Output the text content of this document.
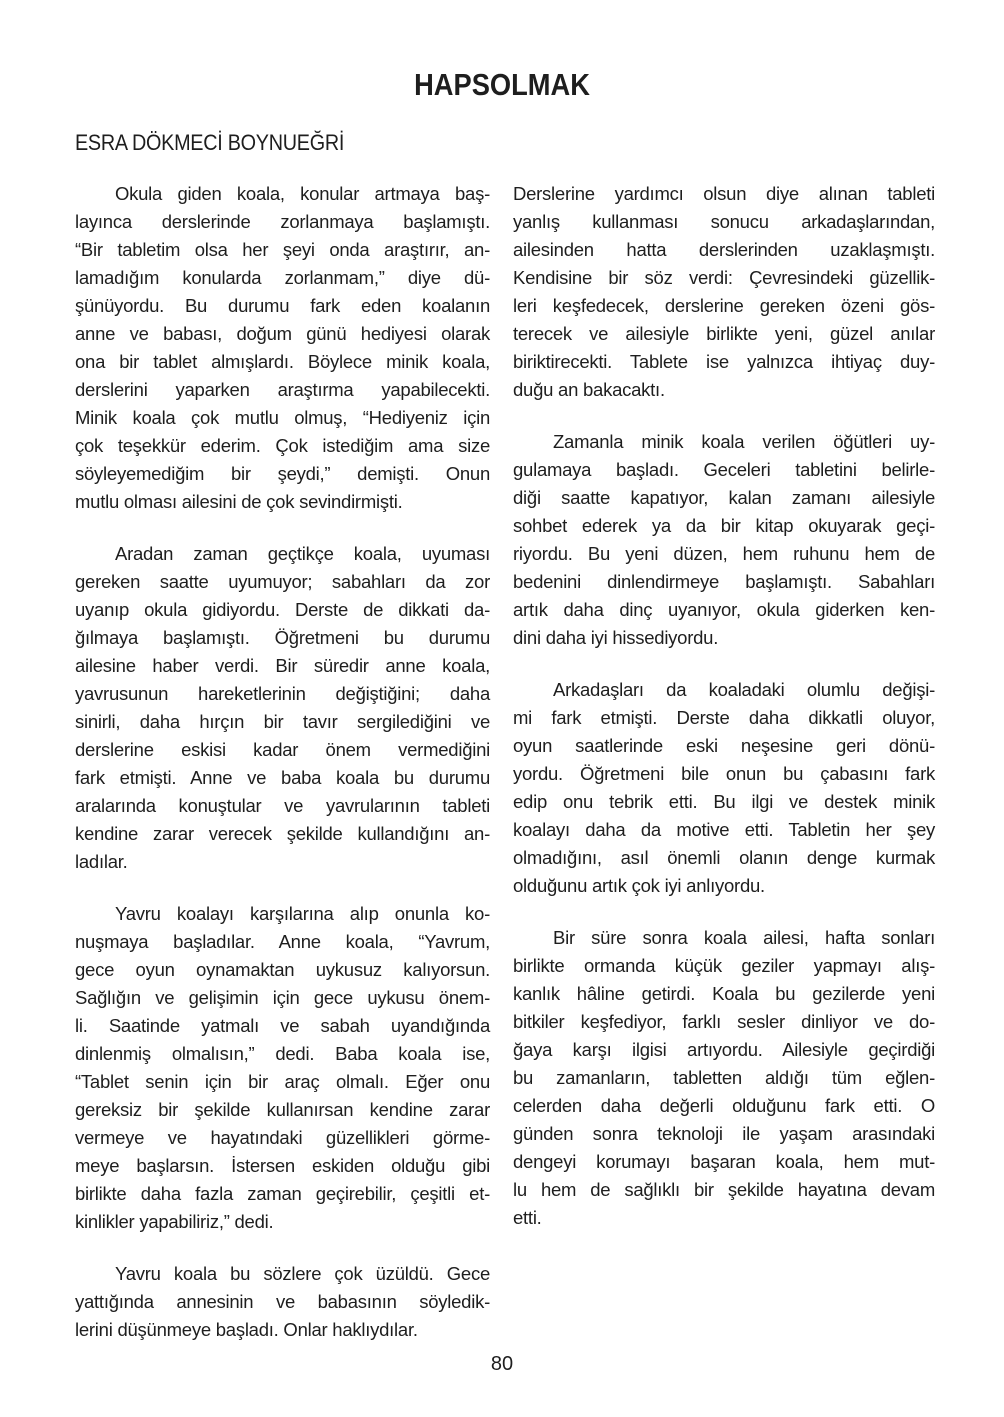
HAPSOLMAK
ESRA DÖKMECİ BOYNUEĞRİ
Okula giden koala, konular artmaya baş-
layınca derslerinde zorlanmaya başlamıştı.
“Bir tabletim olsa her şeyi onda araştırır, an-
lamadığım konularda zorlanmam,” diye dü-
şünüyordu. Bu durumu fark eden koalanın
anne ve babası, doğum günü hediyesi olarak
ona bir tablet almışlardı. Böylece minik koala,
derslerini yaparken araştırma yapabilecekti.
Minik koala çok mutlu olmuş, “Hediyeniz için
çok teşekkür ederim. Çok istediğim ama size
söyleyemediğim bir şeydi,” demişti. Onun
mutlu olması ailesini de çok sevindirmişti.
Aradan zaman geçtikçe koala, uyuması
gereken saatte uyumuyor; sabahları da zor
uyanıp okula gidiyordu. Derste de dikkati da-
ğılmaya başlamıştı. Öğretmeni bu durumu
ailesine haber verdi. Bir süredir anne koala,
yavrusunun hareketlerinin değiştiğini; daha
sinirli, daha hırçın bir tavır sergilediğini ve
derslerine eskisi kadar önem vermediğini
fark etmişti. Anne ve baba koala bu durumu
aralarında konuştular ve yavrularının tableti
kendine zarar verecek şekilde kullandığını an-
ladılar.
Yavru koalayı karşılarına alıp onunla ko-
nuşmaya başladılar. Anne koala, “Yavrum,
gece oyun oynamaktan uykusuz kalıyorsun.
Sağlığın ve gelişimin için gece uykusu önem-
li. Saatinde yatmalı ve sabah uyandığında
dinlenmiş olmalısın,” dedi. Baba koala ise,
“Tablet senin için bir araç olmalı. Eğer onu
gereksiz bir şekilde kullanırsan kendine zarar
vermeye ve hayatındaki güzellikleri görme-
meye başlarsın. İstersen eskiden olduğu gibi
birlikte daha fazla zaman geçirebilir, çeşitli et-
kinlikler yapabiliriz,” dedi.
Yavru koala bu sözlere çok üzüldü. Gece
yattığında annesinin ve babasının söyledik-
lerini düşünmeye başladı. Onlar haklıydılar.
Derslerine yardımcı olsun diye alınan tableti
yanlış kullanması sonucu arkadaşlarından,
ailesinden hatta derslerinden uzaklaşmıştı.
Kendisine bir söz verdi: Çevresindeki güzellik-
leri keşfedecek, derslerine gereken özeni gös-
terecek ve ailesiyle birlikte yeni, güzel anılar
biriktirecekti. Tablete ise yalnızca ihtiyaç duy-
duğu an bakacaktı.
Zamanla minik koala verilen öğütleri uy-
gulamaya başladı. Geceleri tabletini belirle-
diği saatte kapatıyor, kalan zamanı ailesiyle
sohbet ederek ya da bir kitap okuyarak geçi-
riyordu. Bu yeni düzen, hem ruhunu hem de
bedenini dinlendirmeye başlamıştı. Sabahları
artık daha dinç uyanıyor, okula giderken ken-
dini daha iyi hissediyordu.
Arkadaşları da koaladaki olumlu değişi-
mi fark etmişti. Derste daha dikkatli oluyor,
oyun saatlerinde eski neşesine geri dönü-
yordu. Öğretmeni bile onun bu çabasını fark
edip onu tebrik etti. Bu ilgi ve destek minik
koalayı daha da motive etti. Tabletin her şey
olmadığını, asıl önemli olanın denge kurmak
olduğunu artık çok iyi anlıyordu.
Bir süre sonra koala ailesi, hafta sonları
birlikte ormanda küçük geziler yapmayı alış-
kanlık hâline getirdi. Koala bu gezilerde yeni
bitkiler keşfediyor, farklı sesler dinliyor ve do-
ğaya karşı ilgisi artıyordu. Ailesiyle geçirdiği
bu zamanların, tabletten aldığı tüm eğlen-
celerden daha değerli olduğunu fark etti. O
günden sonra teknoloji ile yaşam arasındaki
dengeyi korumayı başaran koala, hem mut-
lu hem de sağlıklı bir şekilde hayatına devam
etti.
80
